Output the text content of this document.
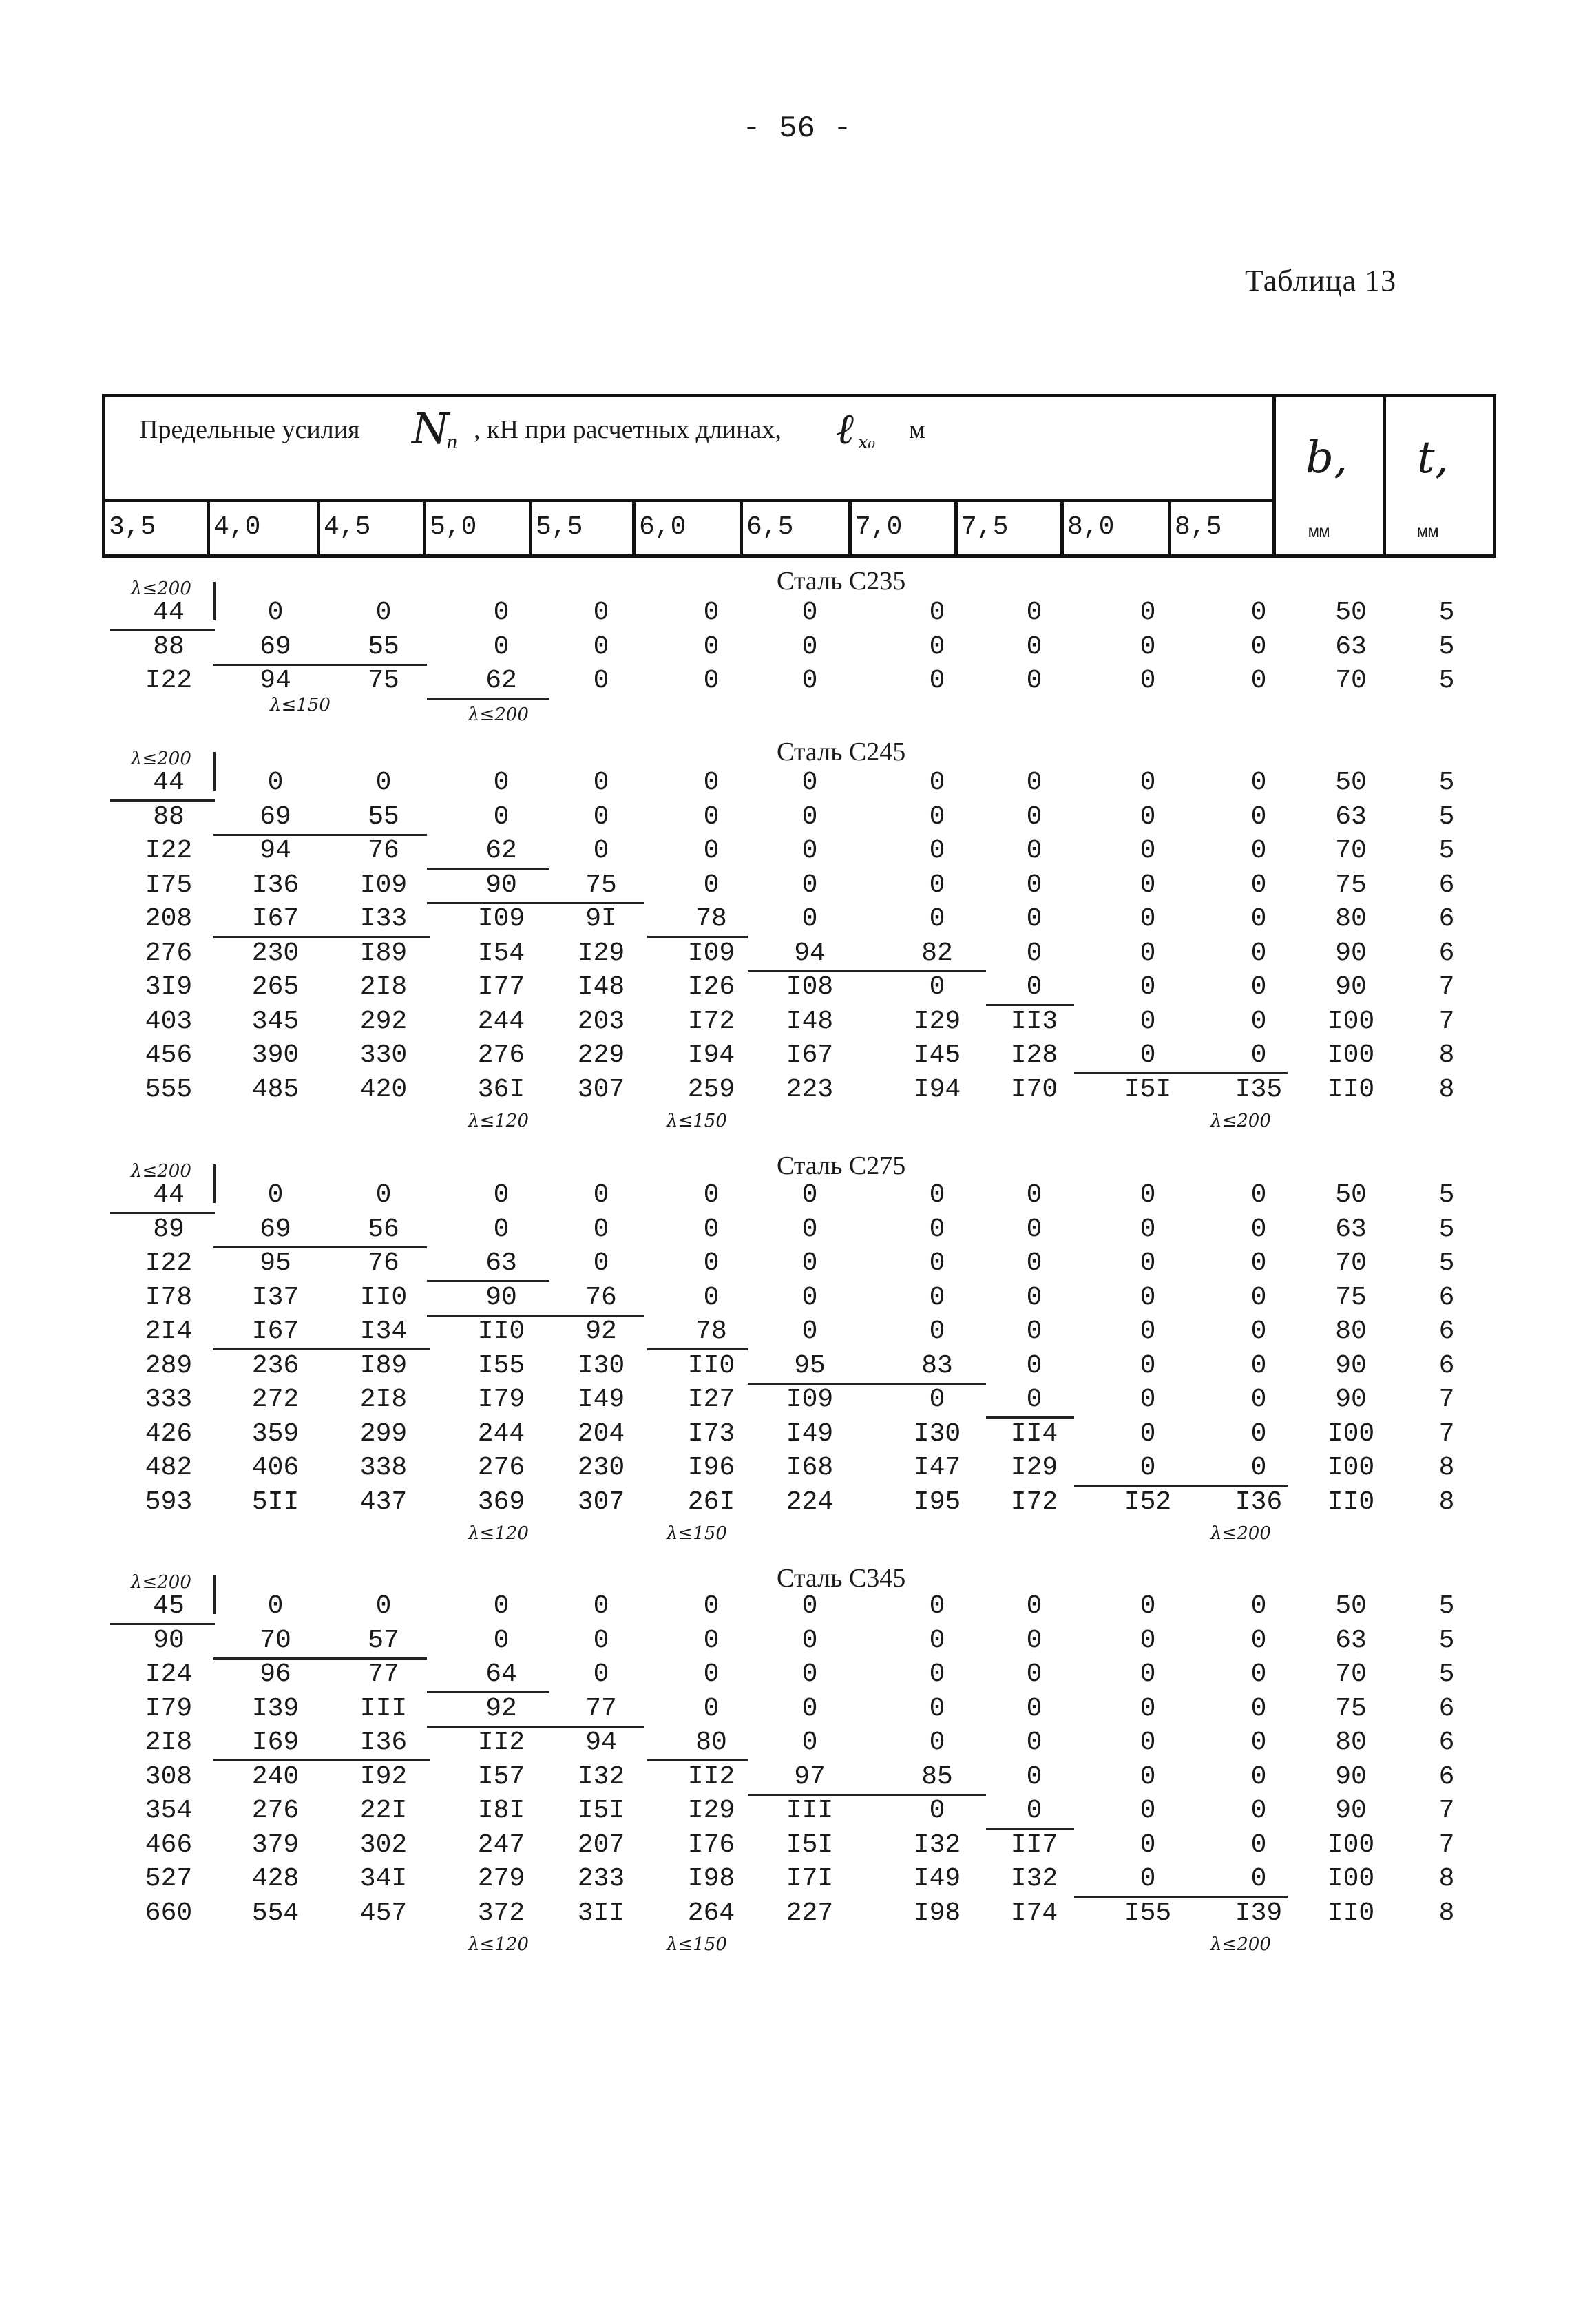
- 56 -
Таблица 13
Предельные усилия N
п , кН при расчетных длинах, ℓ x₀ м
b, t,
мм	мм
3,5 4,0 4,5 5,0 5,5 6,0 6,5 7,0 7,5 8,0 8,5
Сталь С235
λ≤200
44	0	0	0	0	0	0	0	0	0	0	50	5
88	69	55	0	0	0	0	0	0	0	0	63	5
I22	94	75	62	0	0	0	0	0	0	0	70	5
λ≤150	λ≤200
Сталь С245
λ≤200
44	0	0	0	0	0	0	0	0	0	0	50	5
88	69	55	0	0	0	0	0	0	0	0	63	5
I22	94	76	62	0	0	0	0	0	0	0	70	5
I75	I36	I09	90	75	0	0	0	0	0	0	75	6
208	I67	I33	I09	9I	78	0	0	0	0	0	80	6
276	230	I89	I54	I29	I09	94	82	0	0	0	90	6
3I9	265	2I8	I77	I48	I26	I08	0	0	0	0	90	7
403	345	292	244	203	I72	I48	I29	II3	0	0	I00	7
456	390	330	276	229	I94	I67	I45	I28	0	0	I00	8
555	485	420	36I	307	259	223	I94	I70	I5I	I35	II0	8
λ≤120	λ≤150	λ≤200
Сталь С275
λ≤200
44	0	0	0	0	0	0	0	0	0	0	50	5
89	69	56	0	0	0	0	0	0	0	0	63	5
I22	95	76	63	0	0	0	0	0	0	0	70	5
I78	I37	II0	90	76	0	0	0	0	0	0	75	6
2I4	I67	I34	II0	92	78	0	0	0	0	0	80	6
289	236	I89	I55	I30	II0	95	83	0	0	0	90	6
333	272	2I8	I79	I49	I27	I09	0	0	0	0	90	7
426	359	299	244	204	I73	I49	I30	II4	0	0	I00	7
482	406	338	276	230	I96	I68	I47	I29	0	0	I00	8
593	5II	437	369	307	26I	224	I95	I72	I52	I36	II0	8
λ≤120	λ≤150	λ≤200
Сталь С345
λ≤200
45	0	0	0	0	0	0	0	0	0	0	50	5
90	70	57	0	0	0	0	0	0	0	0	63	5
I24	96	77	64	0	0	0	0	0	0	0	70	5
I79	I39	III	92	77	0	0	0	0	0	0	75	6
2I8	I69	I36	II2	94	80	0	0	0	0	0	80	6
308	240	I92	I57	I32	II2	97	85	0	0	0	90	6
354	276	22I	I8I	I5I	I29	III	0	0	0	0	90	7
466	379	302	247	207	I76	I5I	I32	II7	0	0	I00	7
527	428	34I	279	233	I98	I7I	I49	I32	0	0	I00	8
660	554	457	372	3II	264	227	I98	I74	I55	I39	II0	8
λ≤120	λ≤150	λ≤200
